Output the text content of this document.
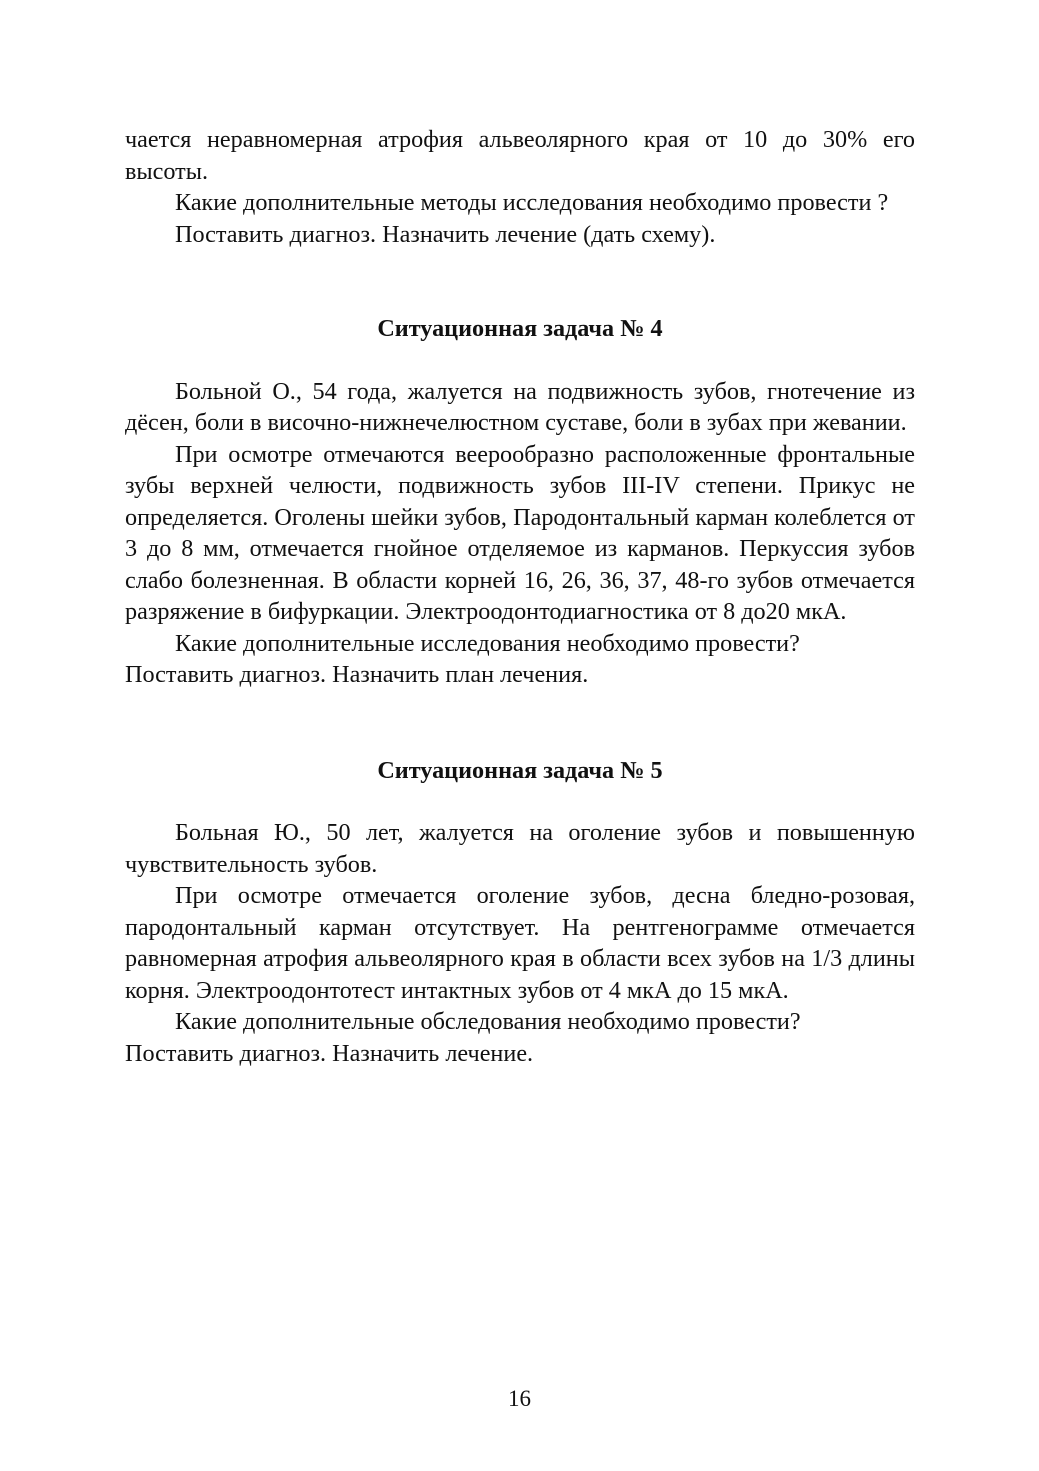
чается неравномерная атрофия альвеолярного края от 10 до 30% его высоты.

Какие дополнительные методы исследования необходимо провести ?

Поставить диагноз. Назначить лечение (дать схему).

Ситуационная задача № 4

Больной О., 54 года, жалуется на подвижность зубов, гнотечение из дёсен, боли в височно-нижнечелюстном суставе, боли в зубах при жевании.

При осмотре отмечаются веерообразно расположенные фронтальные зубы верхней челюсти, подвижность зубов III-IV степени. Прикус не определяется. Оголены шейки зубов, Пародонтальный карман колеблется от 3 до 8 мм, отмечается гнойное отделяемое из карманов. Перкуссия зубов слабо болезненная. В области корней 16, 26, 36, 37, 48-го зубов отмечается разряжение в бифуркации. Электроодонтодиагностика от 8 до20 мкА.

Какие дополнительные исследования необходимо провести?

Поставить диагноз. Назначить план лечения.

Ситуационная задача № 5

Больная Ю., 50 лет, жалуется на оголение зубов и повышенную чувствительность зубов.

При осмотре отмечается оголение зубов, десна бледно-розовая, пародонтальный карман отсутствует. На рентгенограмме отмечается равномерная атрофия альвеолярного края в области всех зубов на 1/3 длины корня. Электроодонтотест интактных зубов от 4 мкА до 15 мкА.

Какие дополнительные обследования необходимо провести?

Поставить диагноз. Назначить лечение.

16
